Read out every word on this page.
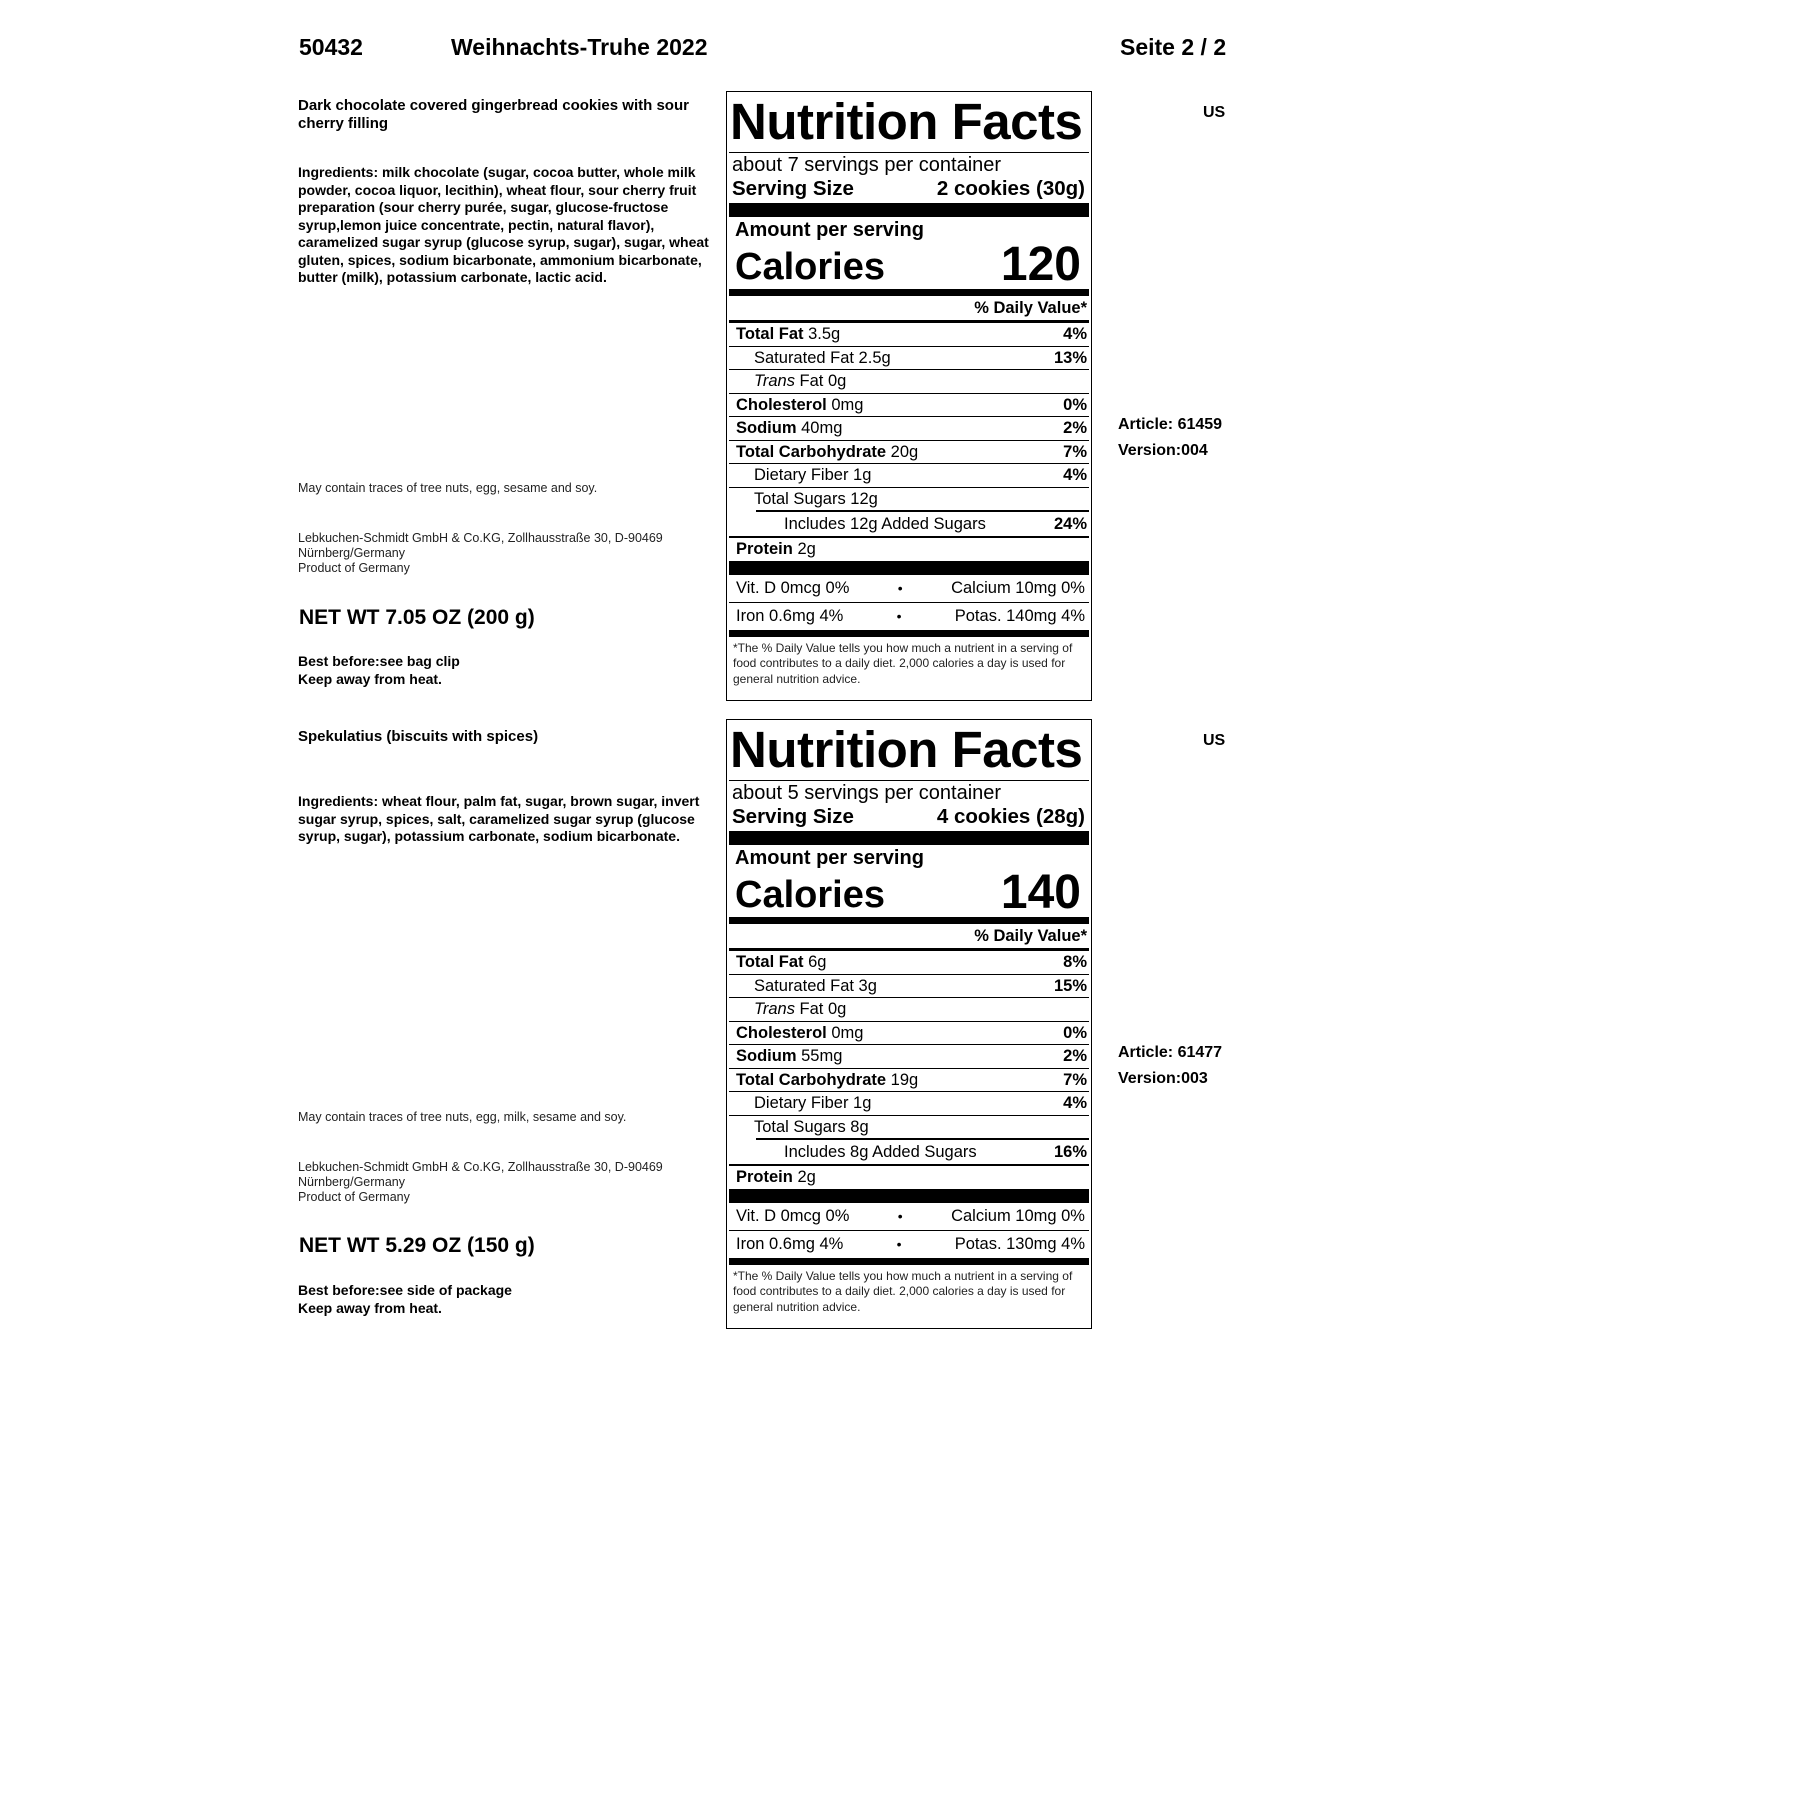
50432	Weihnachts-Truhe 2022	Seite 2 / 2
Dark chocolate covered gingerbread cookies with sour cherry filling
Ingredients: milk chocolate (sugar, cocoa butter, whole milk powder, cocoa liquor, lecithin), wheat flour, sour cherry fruit preparation (sour cherry purée, sugar, glucose-fructose syrup,lemon juice concentrate, pectin, natural flavor), caramelized sugar syrup (glucose syrup, sugar), sugar, wheat gluten, spices, sodium bicarbonate, ammonium bicarbonate, butter (milk), potassium carbonate, lactic acid.
May contain traces of tree nuts, egg, sesame and soy.
Lebkuchen-Schmidt GmbH & Co.KG, Zollhausstraße 30, D-90469
Nürnberg/Germany
Product of Germany
NET WT 7.05 OZ (200 g)
Best before:see bag clip
Keep away from heat.
US
Article: 61459
Version:004
Nutrition Facts
about 7 servings per container
Serving Size	2 cookies (30g)
Amount per serving
Calories 120
% Daily Value*
Total Fat 3.5g	4%
Saturated Fat 2.5g	13%
Trans Fat 0g
Cholesterol 0mg	0%
Sodium 40mg	2%
Total Carbohydrate 20g	7%
Dietary Fiber 1g	4%
Total Sugars 12g
Includes 12g Added Sugars	24%
Protein 2g
Vit. D 0mcg 0%	•	Calcium 10mg 0%
Iron 0.6mg 4%	•	Potas. 140mg 4%
*The % Daily Value tells you how much a nutrient in a serving of food contributes to a daily diet. 2,000 calories a day is used for general nutrition advice.
Spekulatius (biscuits with spices)
Ingredients: wheat flour, palm fat, sugar, brown sugar, invert sugar syrup, spices, salt, caramelized sugar syrup (glucose syrup, sugar), potassium carbonate, sodium bicarbonate.
May contain traces of tree nuts, egg, milk, sesame and soy.
Lebkuchen-Schmidt GmbH & Co.KG, Zollhausstraße 30, D-90469
Nürnberg/Germany
Product of Germany
NET WT 5.29 OZ (150 g)
Best before:see side of package
Keep away from heat.
US
Article: 61477
Version:003
Nutrition Facts
about 5 servings per container
Serving Size	4 cookies (28g)
Amount per serving
Calories 140
% Daily Value*
Total Fat 6g	8%
Saturated Fat 3g	15%
Trans Fat 0g
Cholesterol 0mg	0%
Sodium 55mg	2%
Total Carbohydrate 19g	7%
Dietary Fiber 1g	4%
Total Sugars 8g
Includes 8g Added Sugars	16%
Protein 2g
Vit. D 0mcg 0%	•	Calcium 10mg 0%
Iron 0.6mg 4%	•	Potas. 130mg 4%
*The % Daily Value tells you how much a nutrient in a serving of food contributes to a daily diet. 2,000 calories a day is used for general nutrition advice.
